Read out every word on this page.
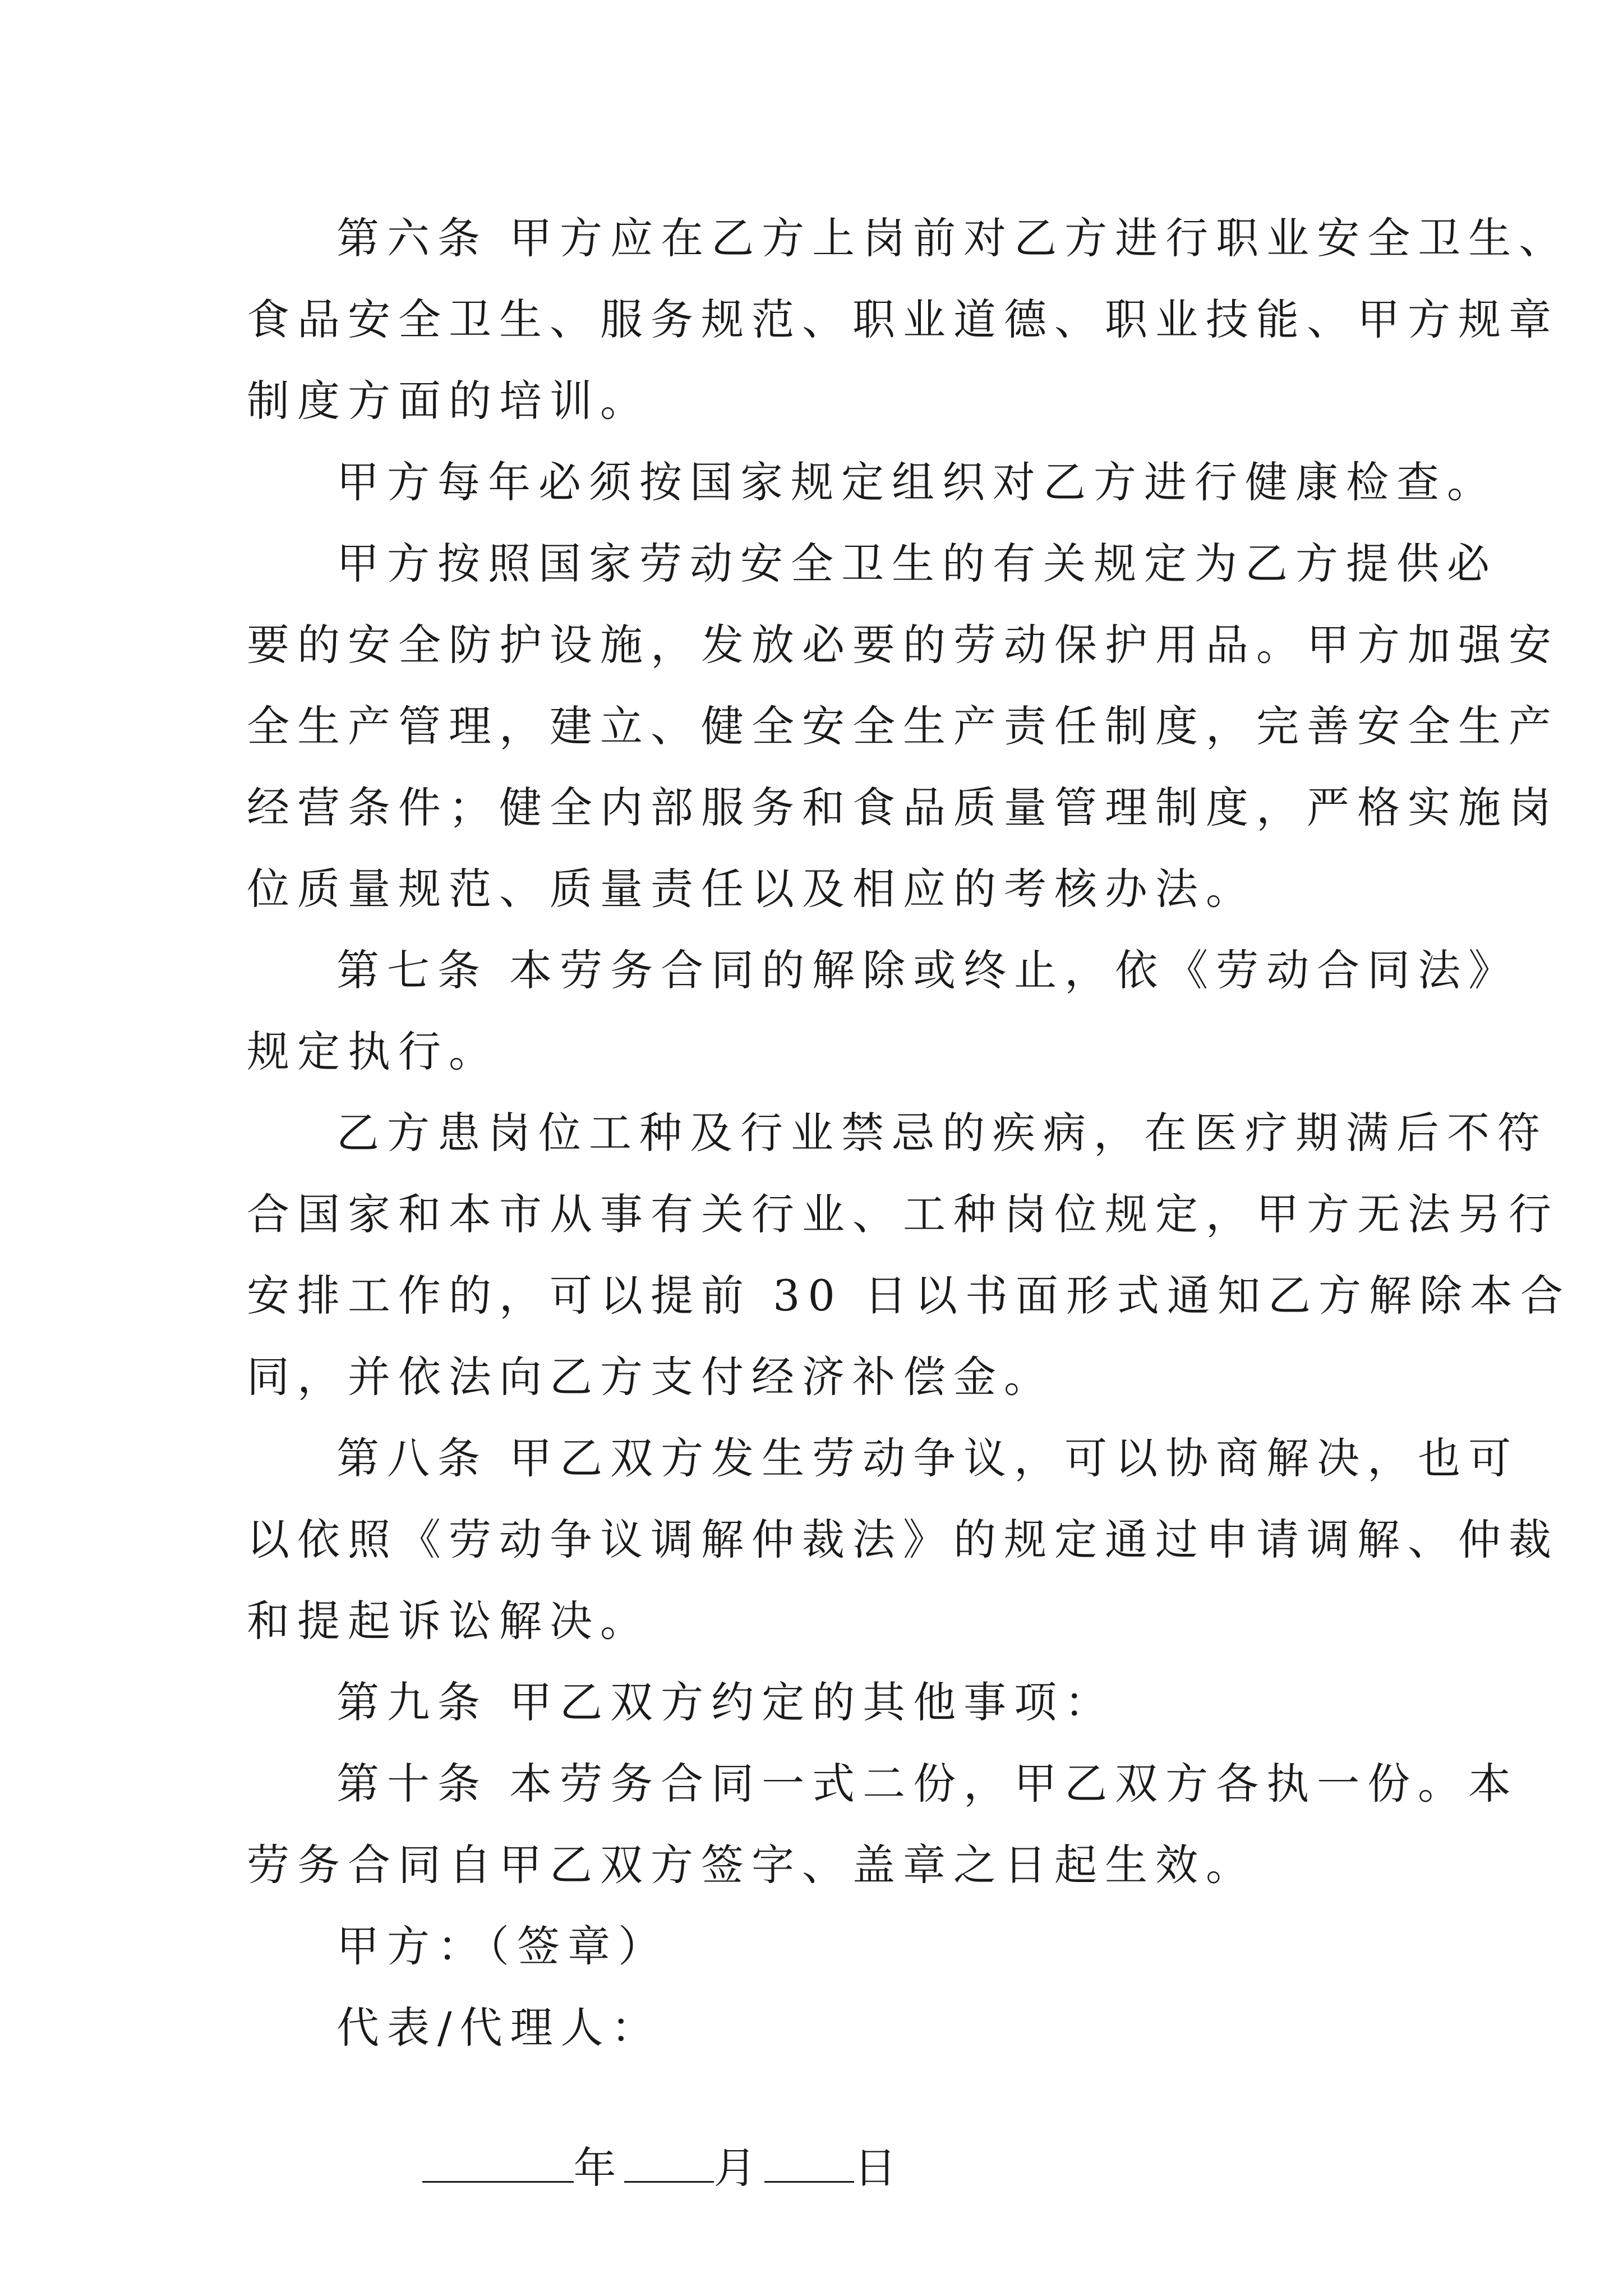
第六条 甲方应在乙方上岗前对乙方进行职业安全卫生、
食品安全卫生、服务规范、职业道德、职业技能、甲方规章
制度方面的培训。
甲方每年必须按国家规定组织对乙方进行健康检查。
甲方按照国家劳动安全卫生的有关规定为乙方提供必
要的安全防护设施，发放必要的劳动保护用品。甲方加强安
全生产管理，建立、健全安全生产责任制度，完善安全生产
经营条件；健全内部服务和食品质量管理制度，严格实施岗
位质量规范、质量责任以及相应的考核办法。
第七条 本劳务合同的解除或终止，依《劳动合同法》
规定执行。
乙方患岗位工种及行业禁忌的疾病，在医疗期满后不符
合国家和本市从事有关行业、工种岗位规定，甲方无法另行
安排工作的，可以提前 30 日以书面形式通知乙方解除本合
同，并依法向乙方支付经济补偿金。
第八条 甲乙双方发生劳动争议，可以协商解决，也可
以依照《劳动争议调解仲裁法》的规定通过申请调解、仲裁
和提起诉讼解决。
第九条 甲乙双方约定的其他事项：
第十条 本劳务合同一式二份，甲乙双方各执一份。本
劳务合同自甲乙双方签字、盖章之日起生效。
甲方：（签章）
代表/代理人：

年 月 日
